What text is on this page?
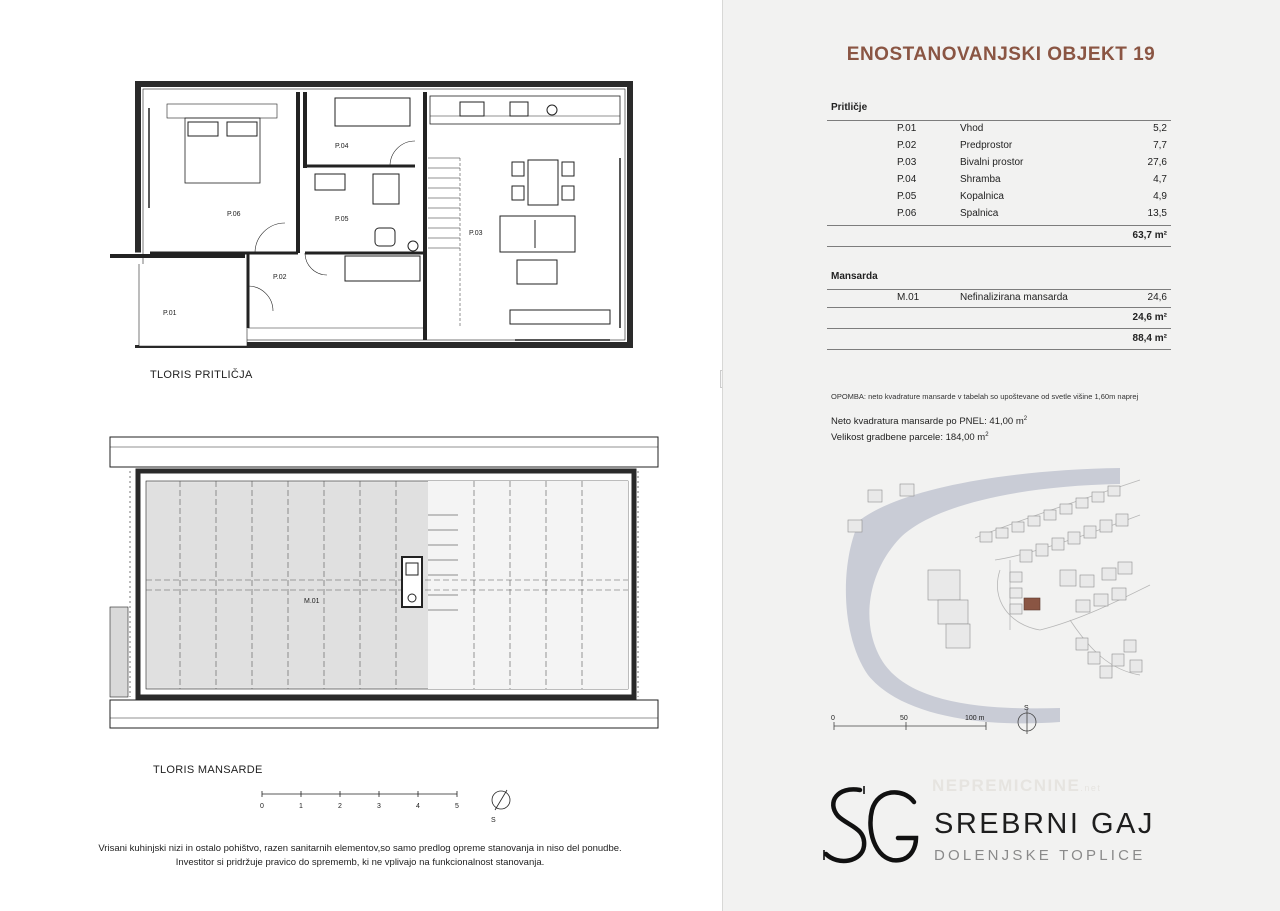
P.06
P.04
P.05
P.03
P.02
P.01
TLORIS PRITLIČJA
M.01
TLORIS MANSARDE
0	1	2	3	4	5
S
Vrisani kuhinjski nizi in ostalo pohištvo, razen sanitarnih elementov,so samo predlog opreme stanovanja in niso del ponudbe.
Investitor si pridržuje pravico do sprememb, ki ne vplivajo na funkcionalnost stanovanja.
ENOSTANOVANJSKI OBJEKT 19
Pritličje
P.01	Vhod	5,2
P.02	Predprostor	7,7
P.03	Bivalni prostor	27,6
P.04	Shramba	4,7
P.05	Kopalnica	4,9
P.06	Spalnica	13,5
63,7 m²
Mansarda
M.01	Nefinalizirana mansarda	24,6
24,6 m²
88,4 m²
OPOMBA: neto kvadrature mansarde v tabelah so upoštevane od svetle višine 1,60m naprej
Neto kvadratura mansarde po PNEL: 41,00 $m^2$
Velikost gradbene parcele: 184,00 $m^2$
0	50	100 m
S
NEPREMICNINE.net
SREBRNI GAJ
DOLENJSKE TOPLICE
